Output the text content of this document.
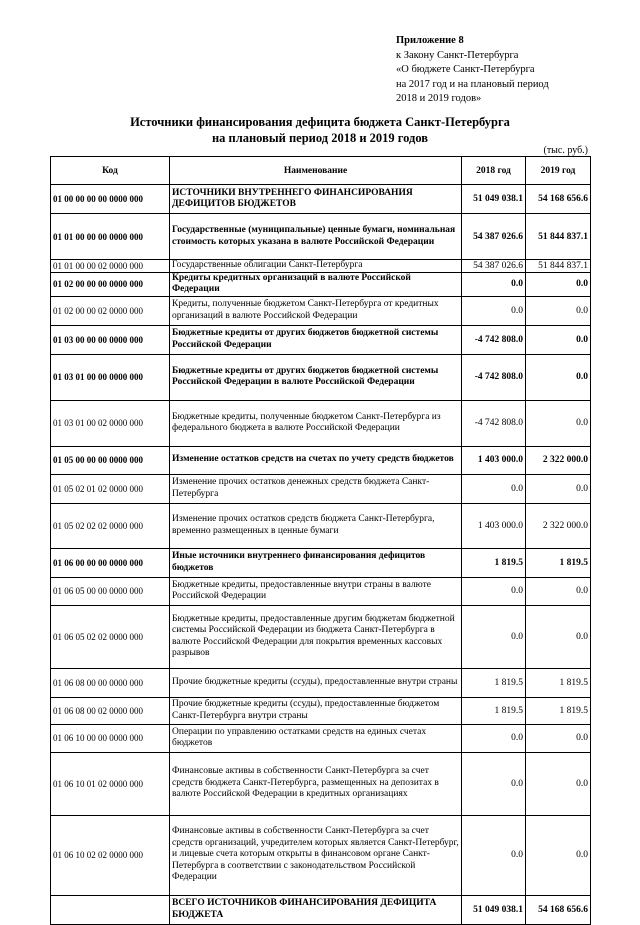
Приложение 8
к Закону Санкт-Петербурга
«О бюджете Санкт-Петербурга
на 2017 год и на плановый период
2018 и 2019 годов»
Источники финансирования дефицита бюджета Санкт-Петербурга
на плановый период 2018 и 2019 годов
(тыс. руб.)
Код	Наименование	2018 год	2019 год
01 00 00 00 00 0000 000	ИСТОЧНИКИ ВНУТРЕННЕГО ФИНАНСИРОВАНИЯ ДЕФИЦИТОВ БЮДЖЕТОВ	51 049 038.1	54 168 656.6
01 01 00 00 00 0000 000	Государственные (муниципальные) ценные бумаги, номинальная стоимость которых указана в валюте Российской Федерации	54 387 026.6	51 844 837.1
01 01 00 00 02 0000 000	Государственные облигации Санкт-Петербурга	54 387 026.6	51 844 837.1
01 02 00 00 00 0000 000	Кредиты кредитных организаций в валюте Российской Федерации	0.0	0.0
01 02 00 00 02 0000 000	Кредиты, полученные бюджетом Санкт-Петербурга от кредитных организаций в валюте Российской Федерации	0.0	0.0
01 03 00 00 00 0000 000	Бюджетные кредиты от других бюджетов бюджетной системы Российской Федерации	-4 742 808.0	0.0
01 03 01 00 00 0000 000	Бюджетные кредиты от других бюджетов бюджетной системы Российской Федерации в валюте Российской Федерации	-4 742 808.0	0.0
01 03 01 00 02 0000 000	Бюджетные кредиты, полученные бюджетом Санкт-Петербурга из федерального бюджета в валюте Российской Федерации	-4 742 808.0	0.0
01 05 00 00 00 0000 000	Изменение остатков средств на счетах по учету средств бюджетов	1 403 000.0	2 322 000.0
01 05 02 01 02 0000 000	Изменение прочих остатков денежных средств бюджета Санкт-Петербурга	0.0	0.0
01 05 02 02 02 0000 000	Изменение прочих остатков средств бюджета Санкт-Петербурга, временно размещенных в ценные бумаги	1 403 000.0	2 322 000.0
01 06 00 00 00 0000 000	Иные источники внутреннего финансирования дефицитов бюджетов	1 819.5	1 819.5
01 06 05 00 00 0000 000	Бюджетные кредиты, предоставленные внутри страны в валюте Российской Федерации	0.0	0.0
01 06 05 02 02 0000 000	Бюджетные кредиты, предоставленные другим бюджетам бюджетной системы Российской Федерации из бюджета Санкт-Петербурга в валюте Российской Федерации для покрытия временных кассовых разрывов	0.0	0.0
01 06 08 00 00 0000 000	Прочие бюджетные кредиты (ссуды), предоставленные внутри страны	1 819.5	1 819.5
01 06 08 00 02 0000 000	Прочие бюджетные кредиты (ссуды), предоставленные бюджетом Санкт-Петербурга внутри страны	1 819.5	1 819.5
01 06 10 00 00 0000 000	Операции по управлению остатками средств на единых счетах бюджетов	0.0	0.0
01 06 10 01 02 0000 000	Финансовые активы в собственности Санкт-Петербурга за счет средств бюджета Санкт-Петербурга, размещенных на депозитах в валюте Российской Федерации в кредитных организациях	0.0	0.0
01 06 10 02 02 0000 000	Финансовые активы в собственности Санкт-Петербурга за счет средств организаций, учредителем которых является Санкт-Петербург, и лицевые счета которым открыты в финансовом органе Санкт-Петербурга в соответствии с законодательством Российской Федерации	0.0	0.0
	ВСЕГО ИСТОЧНИКОВ ФИНАНСИРОВАНИЯ ДЕФИЦИТА БЮДЖЕТА	51 049 038.1	54 168 656.6
